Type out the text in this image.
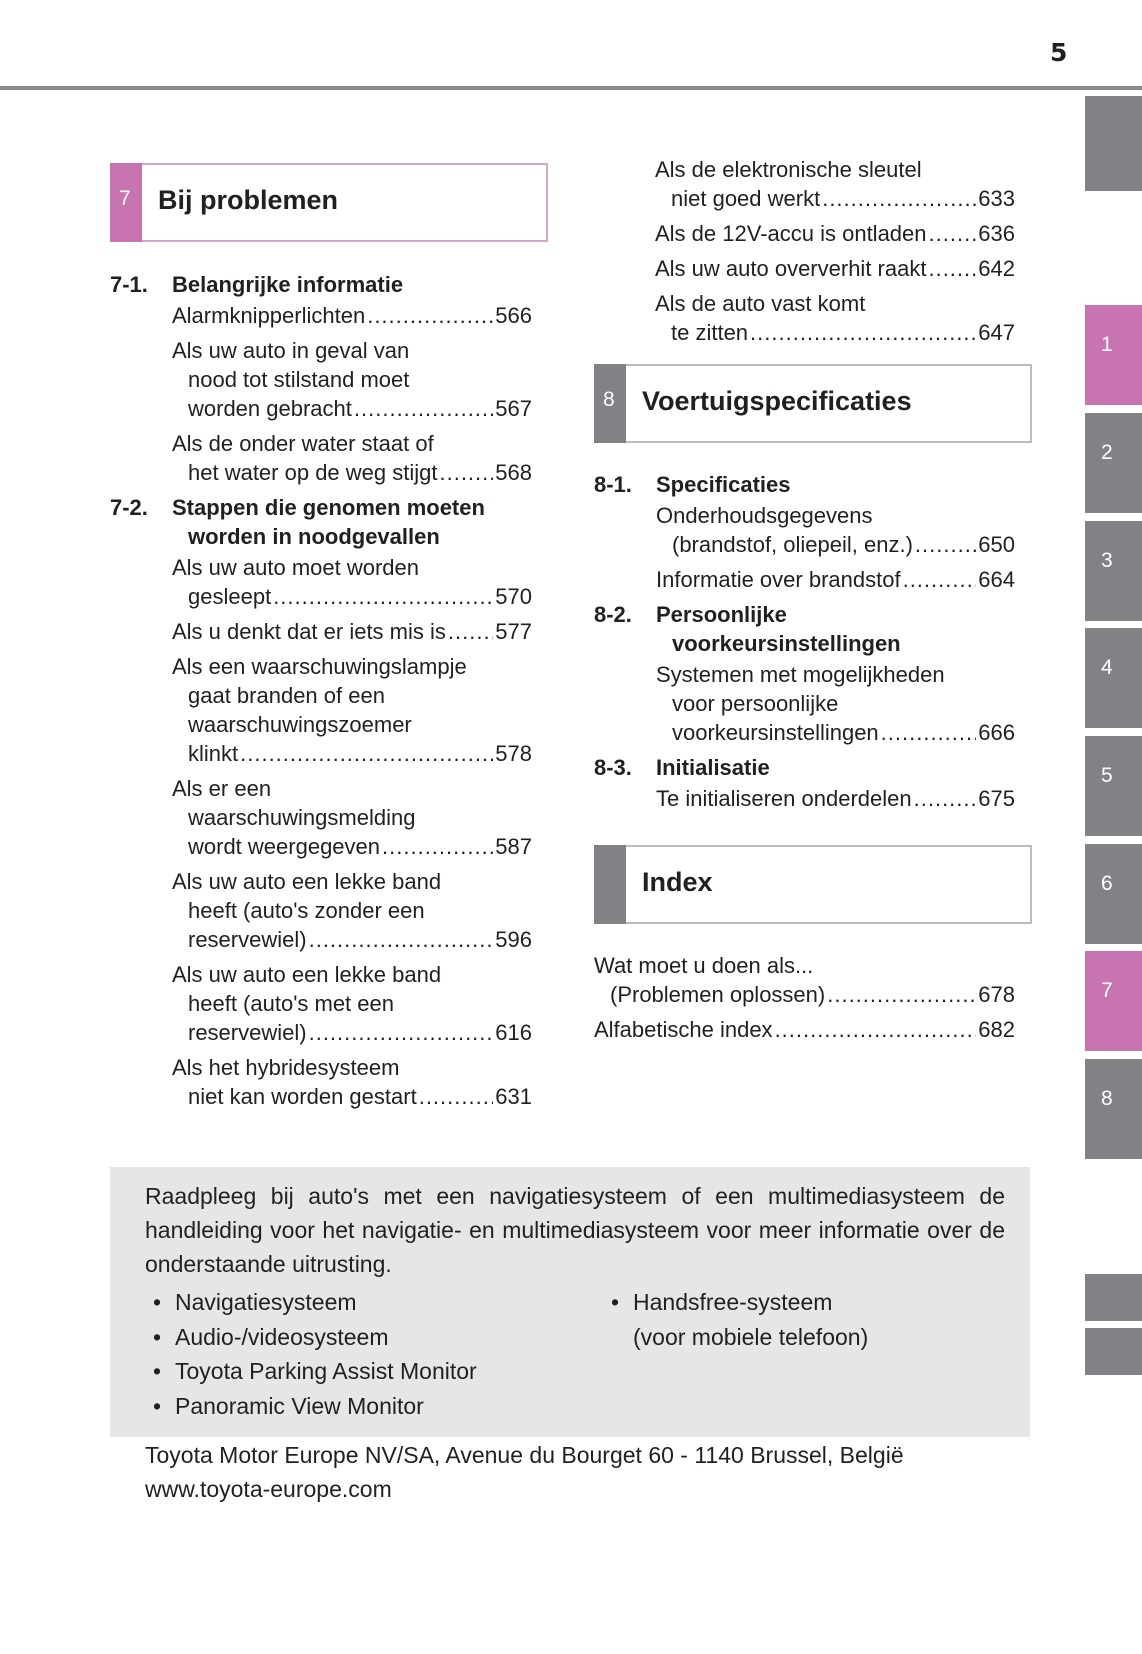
5
1
2
3
4
5
6
7
8
7 Bij problemen
7-1.	Belangrijke informatie
Alarmknipperlichten .....	566
Als uw auto in geval van
nood tot stilstand moet
worden gebracht .....	567
Als de onder water staat of
het water op de weg stijgt .....	568
7-2.	Stappen die genomen moeten
worden in noodgevallen
Als uw auto moet worden
gesleept .....	570
Als u denkt dat er iets mis is ..... 577
Als een waarschuwingslampje
gaat branden of een
waarschuwingszoemer
klinkt .....	578
Als er een
waarschuwingsmelding
wordt weergegeven .....	587
Als uw auto een lekke band
heeft (auto's zonder een
reservewiel) .....	596
Als uw auto een lekke band
heeft (auto's met een
reservewiel) .....	616
Als het hybridesysteem
niet kan worden gestart .....	631
Als de elektronische sleutel
niet goed werkt .....	633
Als de 12V-accu is ontladen ..... 636
Als uw auto oververhit raakt ..... 642
Als de auto vast komt
te zitten .....	647
8 Voertuigspecificaties
8-1.	Specificaties
Onderhoudsgegevens
(brandstof, oliepeil, enz.) .....	650
Informatie over brandstof .....	664
8-2.	Persoonlijke
voorkeursinstellingen
Systemen met mogelijkheden
voor persoonlijke
voorkeursinstellingen .....	666
8-3.	Initialisatie
Te initialiseren onderdelen .....	675
Index
Wat moet u doen als...
(Problemen oplossen) .....	678
Alfabetische index .....	682
Raadpleeg bij auto's met een navigatiesysteem of een multimediasysteem de handleiding voor het navigatie- en multimediasysteem voor meer informatie over de onderstaande uitrusting.
• Navigatiesysteem
• Audio-/videosysteem
• Toyota Parking Assist Monitor
• Panoramic View Monitor
• Handsfree-systeem
(voor mobiele telefoon)
Toyota Motor Europe NV/SA, Avenue du Bourget 60 - 1140 Brussel, België
www.toyota-europe.com
